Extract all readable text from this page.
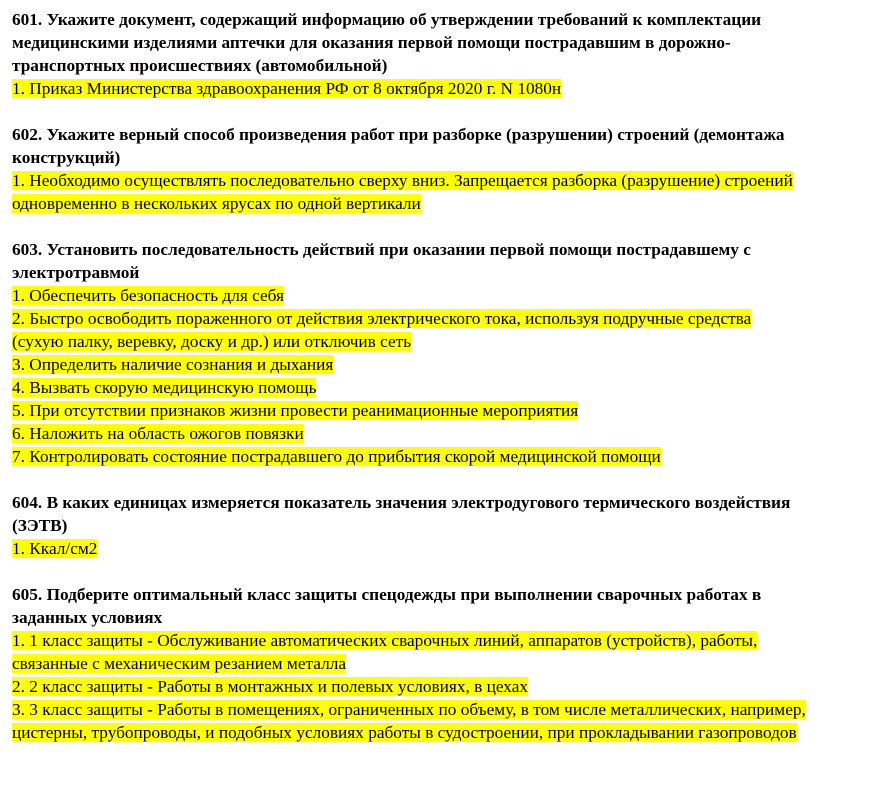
601. Укажите документ, содержащий информацию об утверждении требований к комплектации медицинскими изделиями аптечки для оказания первой помощи пострадавшим в дорожно-транспортных происшествиях (автомобильной)

1. Приказ Министерства здравоохранения РФ от 8 октября 2020 г. N 1080н

602. Укажите верный способ произведения работ при разборке (разрушении) строений (демонтажа конструкций)

1. Необходимо осуществлять последовательно сверху вниз. Запрещается разборка (разрушение) строений одновременно в нескольких ярусах по одной вертикали

603. Установить последовательность действий при оказании первой помощи пострадавшему с электротравмой

1. Обеспечить безопасность для себя

2. Быстро освободить пораженного от действия электрического тока, используя подручные средства (сухую палку, веревку, доску и др.) или отключив сеть

3. Определить наличие сознания и дыхания

4. Вызвать скорую медицинскую помощь

5. При отсутствии признаков жизни провести реанимационные мероприятия

6. Наложить на область ожогов повязки

7. Контролировать состояние пострадавшего до прибытия скорой медицинской помощи

604. В каких единицах измеряется показатель значения электродугового термического воздействия (ЗЭТВ)

1. Ккал/см2

605. Подберите оптимальный класс защиты спецодежды при выполнении сварочных работах в заданных условиях

1. 1 класс защиты - Обслуживание автоматических сварочных линий, аппаратов (устройств), работы, связанные с механическим резанием металла

2. 2 класс защиты - Работы в монтажных и полевых условиях, в цехах

3. 3 класс защиты - Работы в помещениях, ограниченных по объему, в том числе металлических, например, цистерны, трубопроводы, и подобных условиях работы в судостроении, при прокладывании газопроводов
